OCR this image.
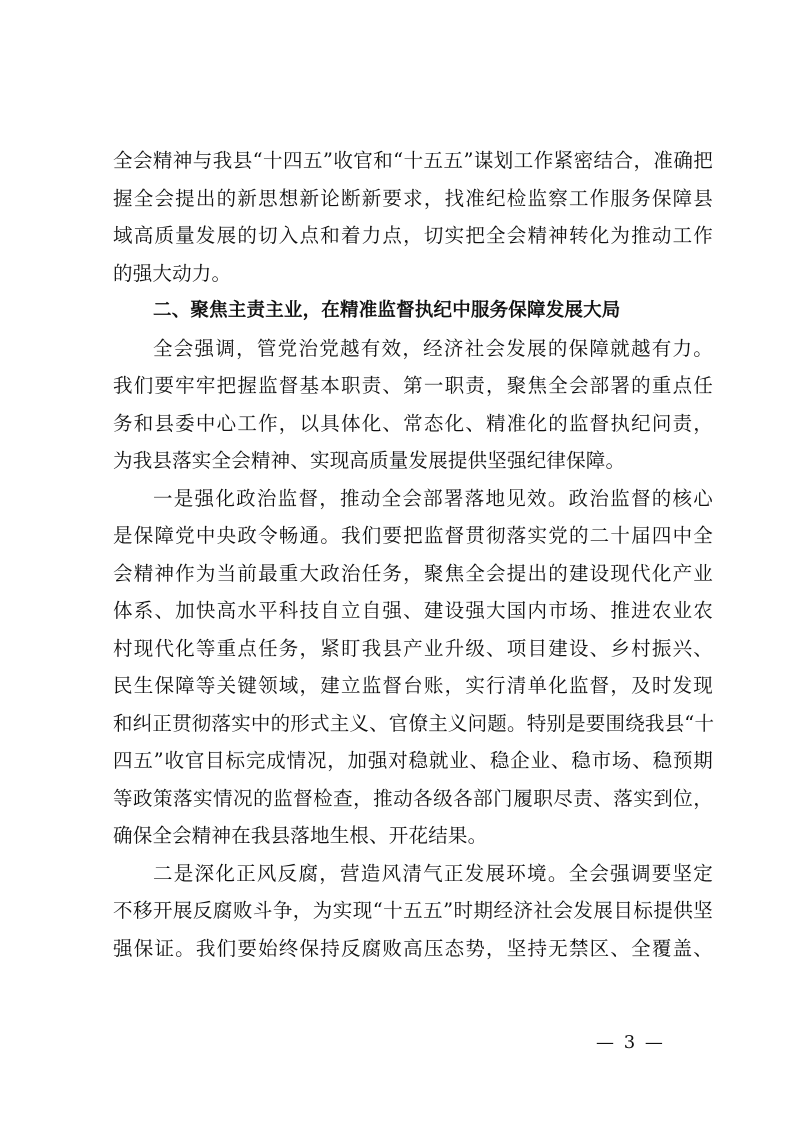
全会精神与我县“十四五”收官和“十五五”谋划工作紧密结合，准确把
握全会提出的新思想新论断新要求，找准纪检监察工作服务保障县
域高质量发展的切入点和着力点，切实把全会精神转化为推动工作
的强大动力。
二、聚焦主责主业，在精准监督执纪中服务保障发展大局
全会强调，管党治党越有效，经济社会发展的保障就越有力。
我们要牢牢把握监督基本职责、第一职责，聚焦全会部署的重点任
务和县委中心工作，以具体化、常态化、精准化的监督执纪问责，
为我县落实全会精神、实现高质量发展提供坚强纪律保障。
一是强化政治监督，推动全会部署落地见效。政治监督的核心
是保障党中央政令畅通。我们要把监督贯彻落实党的二十届四中全
会精神作为当前最重大政治任务，聚焦全会提出的建设现代化产业
体系、加快高水平科技自立自强、建设强大国内市场、推进农业农
村现代化等重点任务，紧盯我县产业升级、项目建设、乡村振兴、
民生保障等关键领域，建立监督台账，实行清单化监督，及时发现
和纠正贯彻落实中的形式主义、官僚主义问题。特别是要围绕我县“十
四五”收官目标完成情况，加强对稳就业、稳企业、稳市场、稳预期
等政策落实情况的监督检查，推动各级各部门履职尽责、落实到位，
确保全会精神在我县落地生根、开花结果。
二是深化正风反腐，营造风清气正发展环境。全会强调要坚定
不移开展反腐败斗争，为实现“十五五”时期经济社会发展目标提供坚
强保证。我们要始终保持反腐败高压态势，坚持无禁区、全覆盖、
— 3 —
